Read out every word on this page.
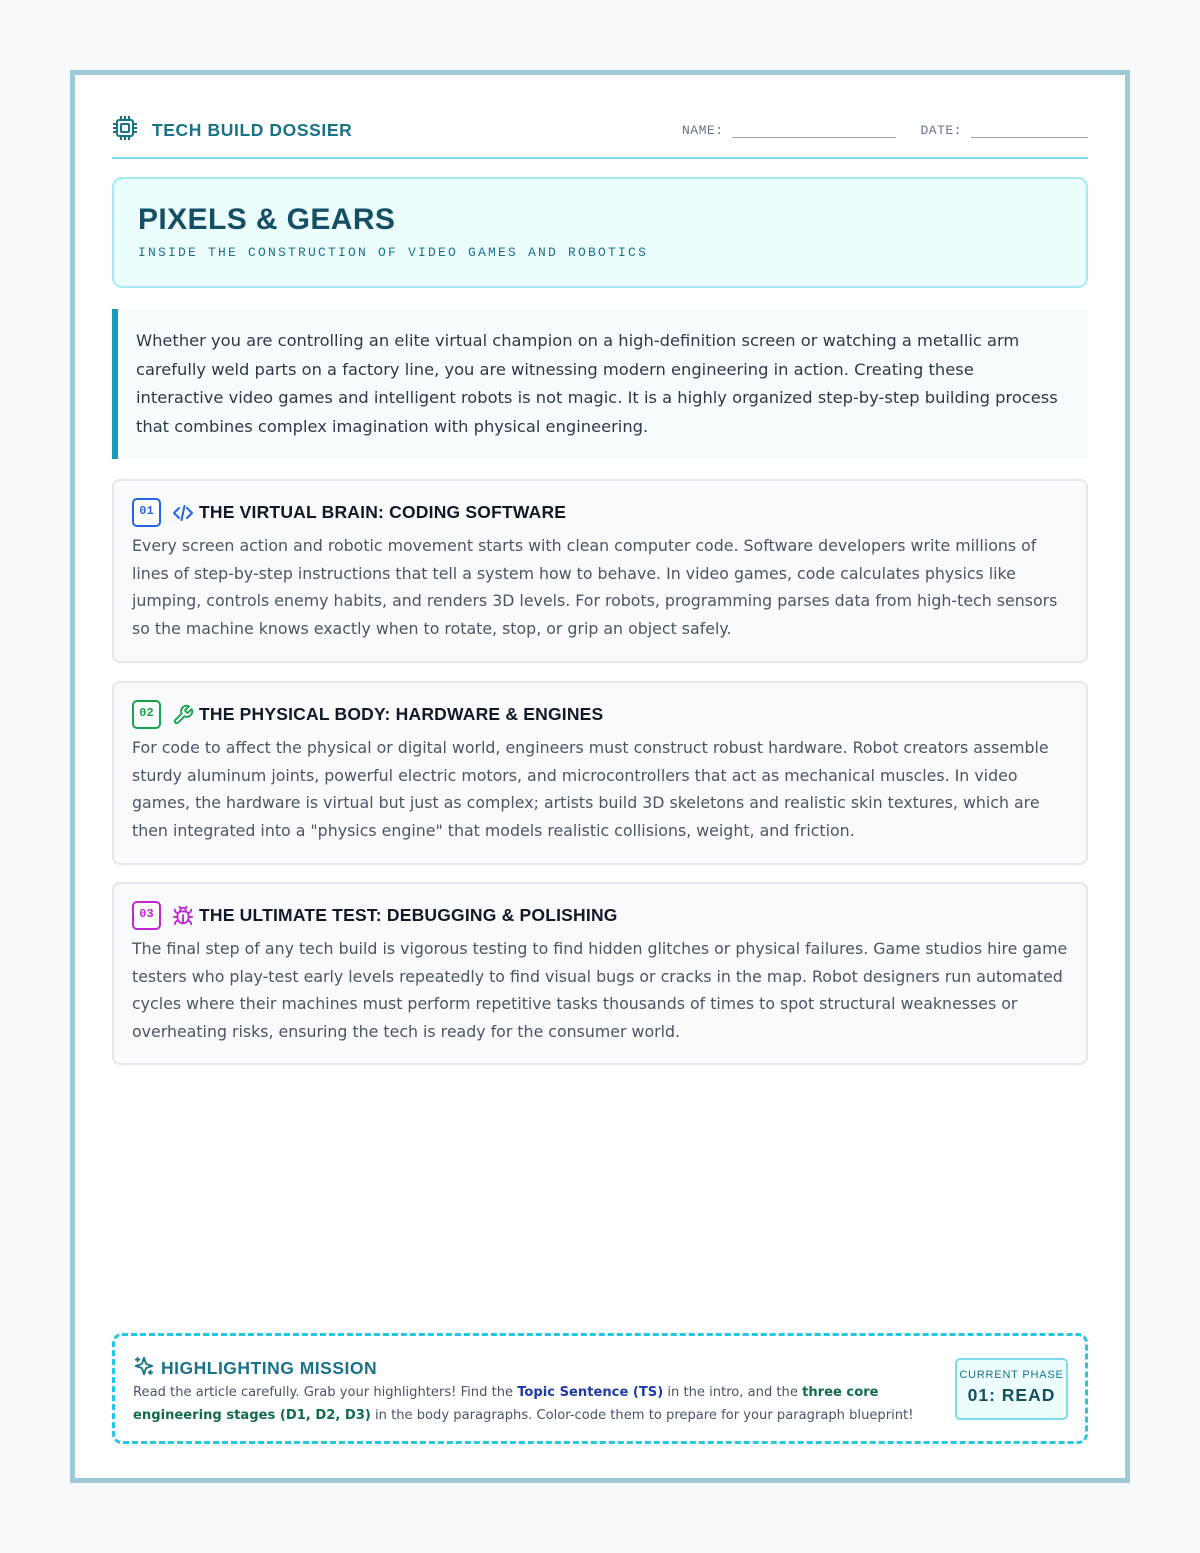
TECH BUILD DOSSIER	NAME:	DATE:
PIXELS & GEARS
INSIDE THE CONSTRUCTION OF VIDEO GAMES AND ROBOTICS
Whether you are controlling an elite virtual champion on a high-definition screen or watching a metallic arm carefully weld parts on a factory line, you are witnessing modern engineering in action. Creating these interactive video games and intelligent robots is not magic. It is a highly organized step-by-step building process that combines complex imagination with physical engineering.
01	THE VIRTUAL BRAIN: CODING SOFTWARE
Every screen action and robotic movement starts with clean computer code. Software developers write millions of lines of step-by-step instructions that tell a system how to behave. In video games, code calculates physics like jumping, controls enemy habits, and renders 3D levels. For robots, programming parses data from high-tech sensors so the machine knows exactly when to rotate, stop, or grip an object safely.
02	THE PHYSICAL BODY: HARDWARE & ENGINES
For code to affect the physical or digital world, engineers must construct robust hardware. Robot creators assemble sturdy aluminum joints, powerful electric motors, and microcontrollers that act as mechanical muscles. In video games, the hardware is virtual but just as complex; artists build 3D skeletons and realistic skin textures, which are then integrated into a "physics engine" that models realistic collisions, weight, and friction.
03	THE ULTIMATE TEST: DEBUGGING & POLISHING
The final step of any tech build is vigorous testing to find hidden glitches or physical failures. Game studios hire game testers who play-test early levels repeatedly to find visual bugs or cracks in the map. Robot designers run automated cycles where their machines must perform repetitive tasks thousands of times to spot structural weaknesses or overheating risks, ensuring the tech is ready for the consumer world.
HIGHLIGHTING MISSION
Read the article carefully. Grab your highlighters! Find the Topic Sentence (TS) in the intro, and the three core engineering stages (D1, D2, D3) in the body paragraphs. Color-code them to prepare for your paragraph blueprint!
CURRENT PHASE
01: READ
